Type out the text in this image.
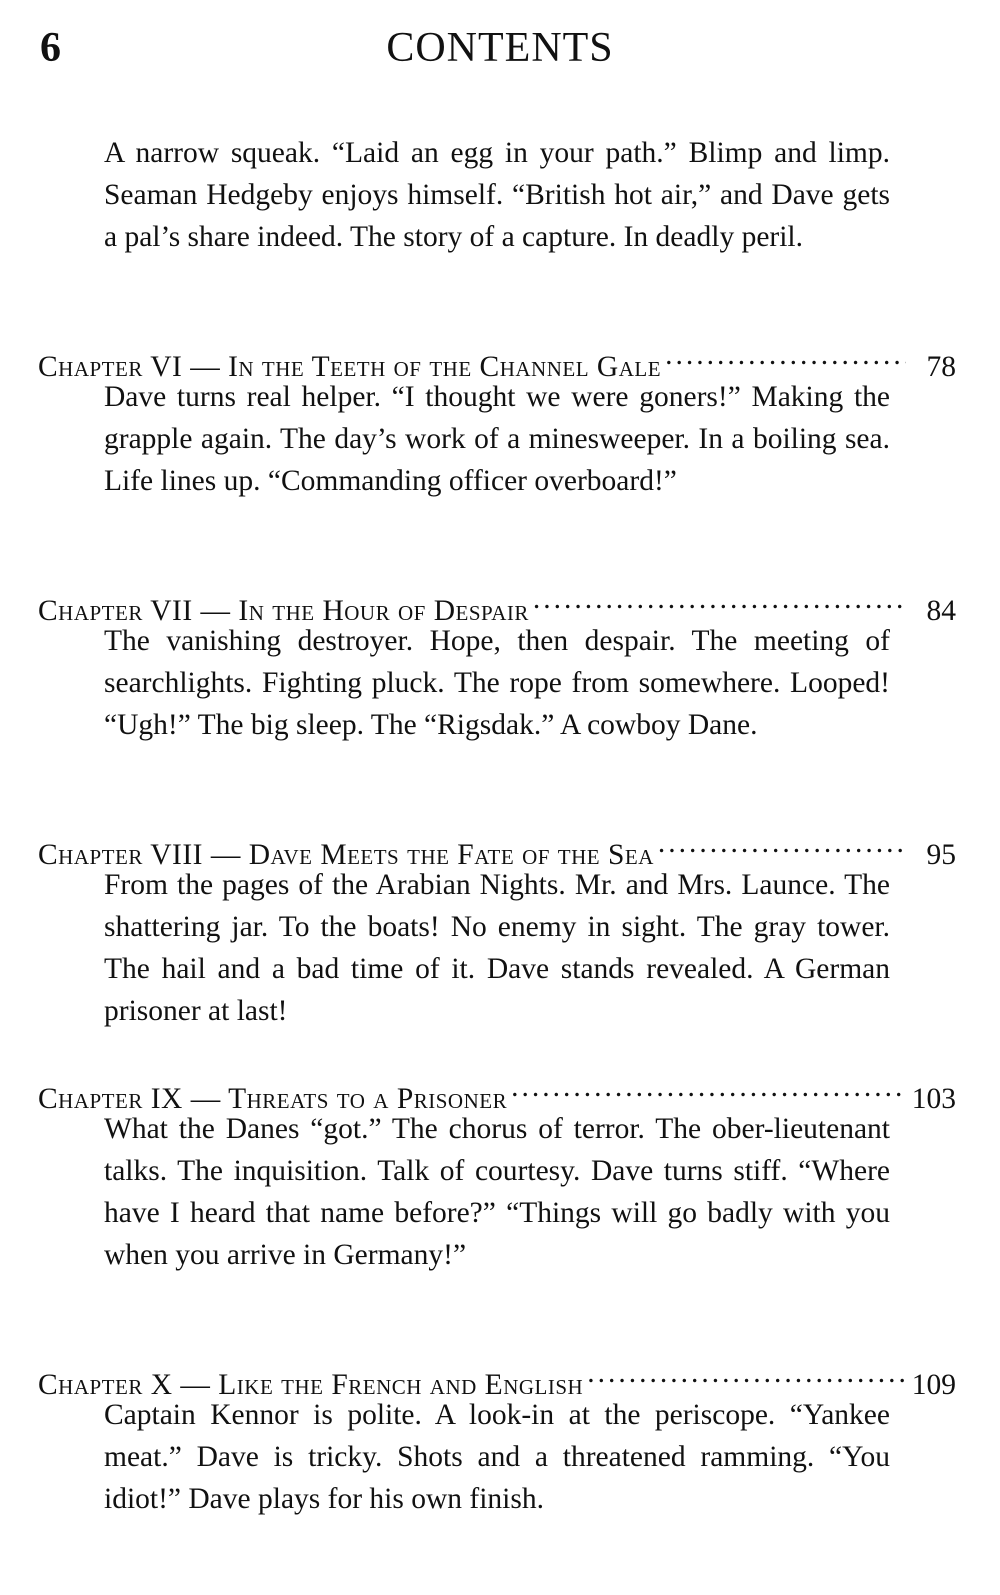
6	CONTENTS
A narrow squeak. “Laid an egg in your path.” Blimp and limp. Seaman Hedgeby enjoys himself. “British hot air,” and Dave gets a pal’s share indeed. The story of a capture. In deadly peril.
Chapter VI — In the Teeth of the Channel Gale .....	78
Dave turns real helper. “I thought we were goners!” Making the grapple again. The day’s work of a minesweeper. In a boiling sea. Life lines up. “Commanding officer overboard!”
Chapter VII — In the Hour of Despair .....	84
The vanishing destroyer. Hope, then despair. The meeting of searchlights. Fighting pluck. The rope from somewhere. Looped! “Ugh!” The big sleep. The “Rigsdak.” A cowboy Dane.
Chapter VIII — Dave Meets the Fate of the Sea .....	95
From the pages of the Arabian Nights. Mr. and Mrs. Launce. The shattering jar. To the boats! No enemy in sight. The gray tower. The hail and a bad time of it. Dave stands revealed. A German prisoner at last!
Chapter IX — Threats to a Prisoner .....	103
What the Danes “got.” The chorus of terror. The ober-lieutenant talks. The inquisition. Talk of courtesy. Dave turns stiff. “Where have I heard that name before?” “Things will go badly with you when you arrive in Germany!”
Chapter X — Like the French and English .....	109
Captain Kennor is polite. A look-in at the periscope. “Yankee meat.” Dave is tricky. Shots and a threatened ramming. “You idiot!” Dave plays for his own finish.
